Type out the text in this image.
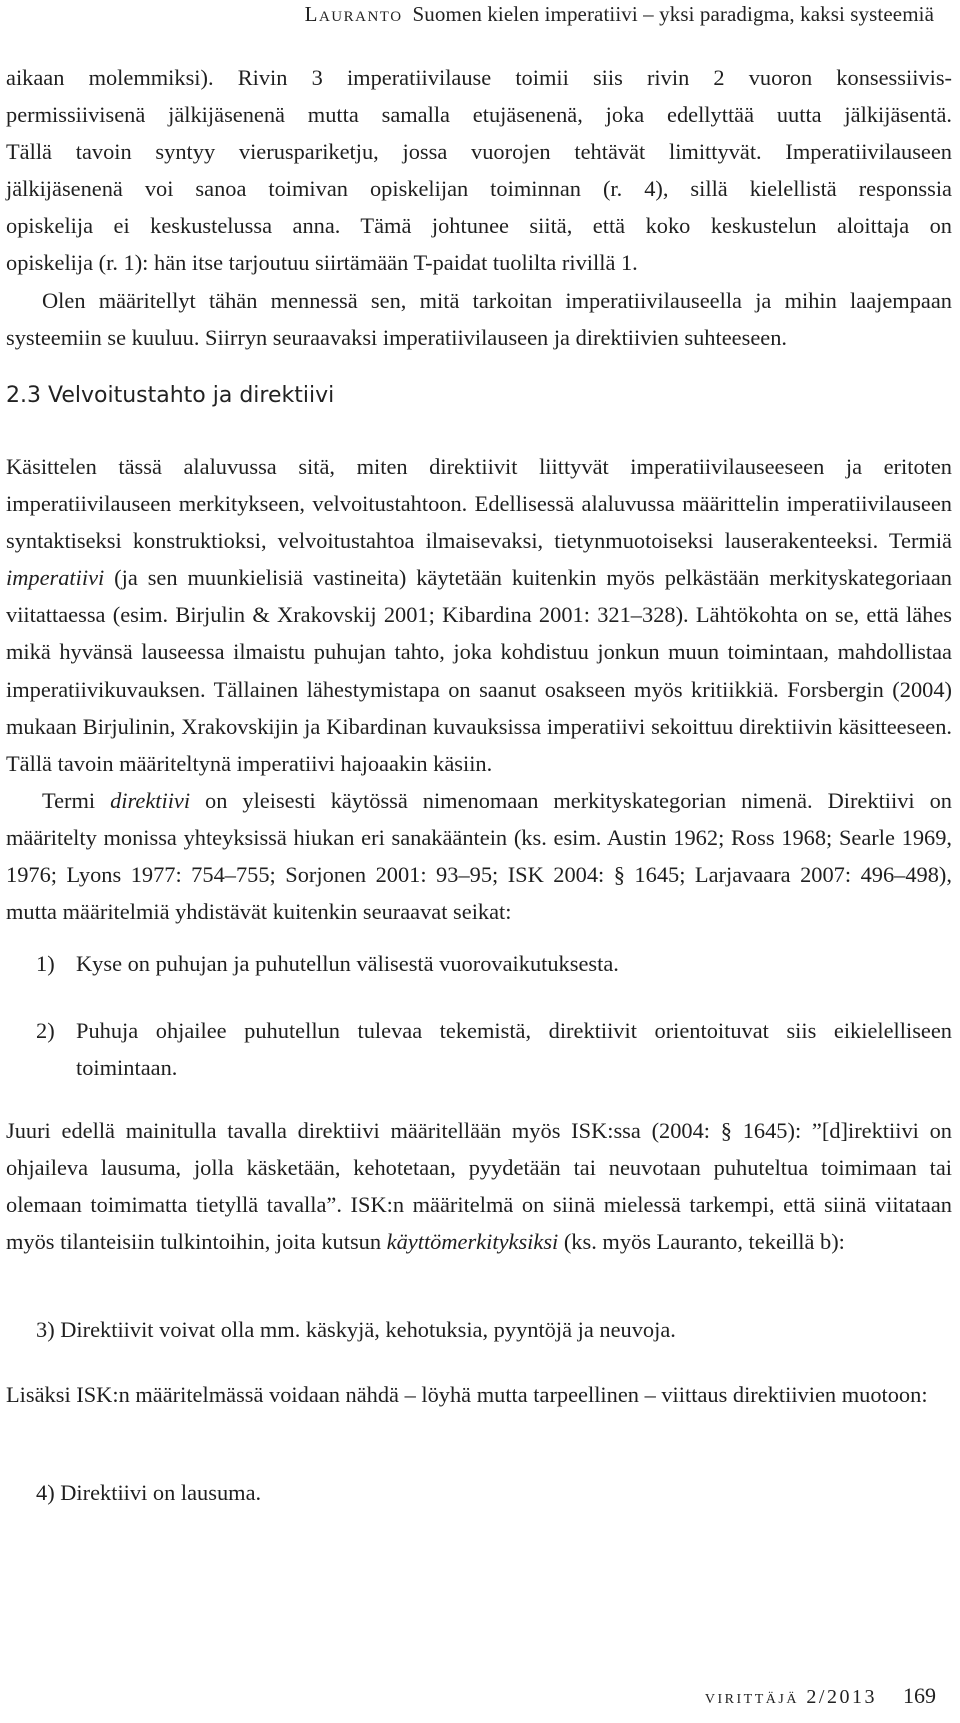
Lauranto Suomen kielen imperatiivi – yksi paradigma, kaksi systeemiä
aikaan molemmiksi). Rivin 3 imperatiivilause toimii siis rivin 2 vuoron konsessiivis-
permissiivisenä jälkijäsenenä mutta samalla etujäsenenä, joka edellyttää uutta jälkijäsentä.
Tällä tavoin syntyy vieruspariketju, jossa vuorojen tehtävät limittyvät. Imperatiivilauseen
jälkijäsenenä voi sanoa toimivan opiskelijan toiminnan (r. 4), sillä kielellistä responssia
opiskelija ei keskustelussa anna. Tämä johtunee siitä, että koko keskustelun aloittaja on
opiskelija (r. 1): hän itse tarjoutuu siirtämään T-paidat tuolilta rivillä 1.

Olen määritellyt tähän mennessä sen, mitä tarkoitan imperatiivilauseella ja mihin laajempaan systeemiin se kuuluu. Siirryn seuraavaksi imperatiivilauseen ja direktiivien suhteeseen.

2.3 Velvoitustahto ja direktiivi

Käsittelen tässä alaluvussa sitä, miten direktiivit liittyvät imperatiivilauseeseen ja eritoten imperatiivilauseen merkitykseen, velvoitustahtoon. Edellisessä alaluvussa määrittelin imperatiivilauseen syntaktiseksi konstruktioksi, velvoitustahtoa ilmaisevaksi, tietynmuotoiseksi lauserakenteeksi. Termiä imperatiivi (ja sen muunkielisiä vastineita) käytetään kuitenkin myös pelkästään merkityskategoriaan viitattaessa (esim. Birjulin & Xrakovskij 2001; Kibardina 2001: 321–328). Lähtökohta on se, että lähes mikä hyvänsä lauseessa ilmaistu puhujan tahto, joka kohdistuu jonkun muun toimintaan, mahdollistaa imperatiivikuvauksen. Tällainen lähestymistapa on saanut osakseen myös kritiikkiä. Forsbergin (2004) mukaan Birjulinin, Xrakovskijin ja Kibardinan kuvauksissa imperatiivi sekoittuu direktiivin käsitteeseen. Tällä tavoin määriteltynä imperatiivi hajoaakin käsiin.

Termi direktiivi on yleisesti käytössä nimenomaan merkityskategorian nimenä. Direktiivi on määritelty monissa yhteyksissä hiukan eri sanakääntein (ks. esim. Austin 1962; Ross 1968; Searle 1969, 1976; Lyons 1977: 754–755; Sorjonen 2001: 93–95; ISK 2004: § 1645; Larjavaara 2007: 496–498), mutta määritelmiä yhdistävät kuitenkin seuraavat seikat:

1) Kyse on puhujan ja puhutellun välisestä vuorovaikutuksesta.
2) Puhuja ohjailee puhutellun tulevaa tekemistä, direktiivit orientoituvat siis eikielelliseen toimintaan.

Juuri edellä mainitulla tavalla direktiivi määritellään myös ISK:ssa (2004: § 1645): ”[d]irektiivi on ohjaileva lausuma, jolla käsketään, kehotetaan, pyydetään tai neuvotaan puhuteltua toimimaan tai olemaan toimimatta tietyllä tavalla”. ISK:n määritelmä on siinä mielessä tarkempi, että siinä viitataan myös tilanteisiin tulkintoihin, joita kutsun käyttömerkityksiksi (ks. myös Lauranto, tekeillä b):

3) Direktiivit voivat olla mm. käskyjä, kehotuksia, pyyntöjä ja neuvoja.

Lisäksi ISK:n määritelmässä voidaan nähdä – löyhä mutta tarpeellinen – viittaus direktiivien muotoon:

4) Direktiivi on lausuma.

virittäjä 2/2013 169
